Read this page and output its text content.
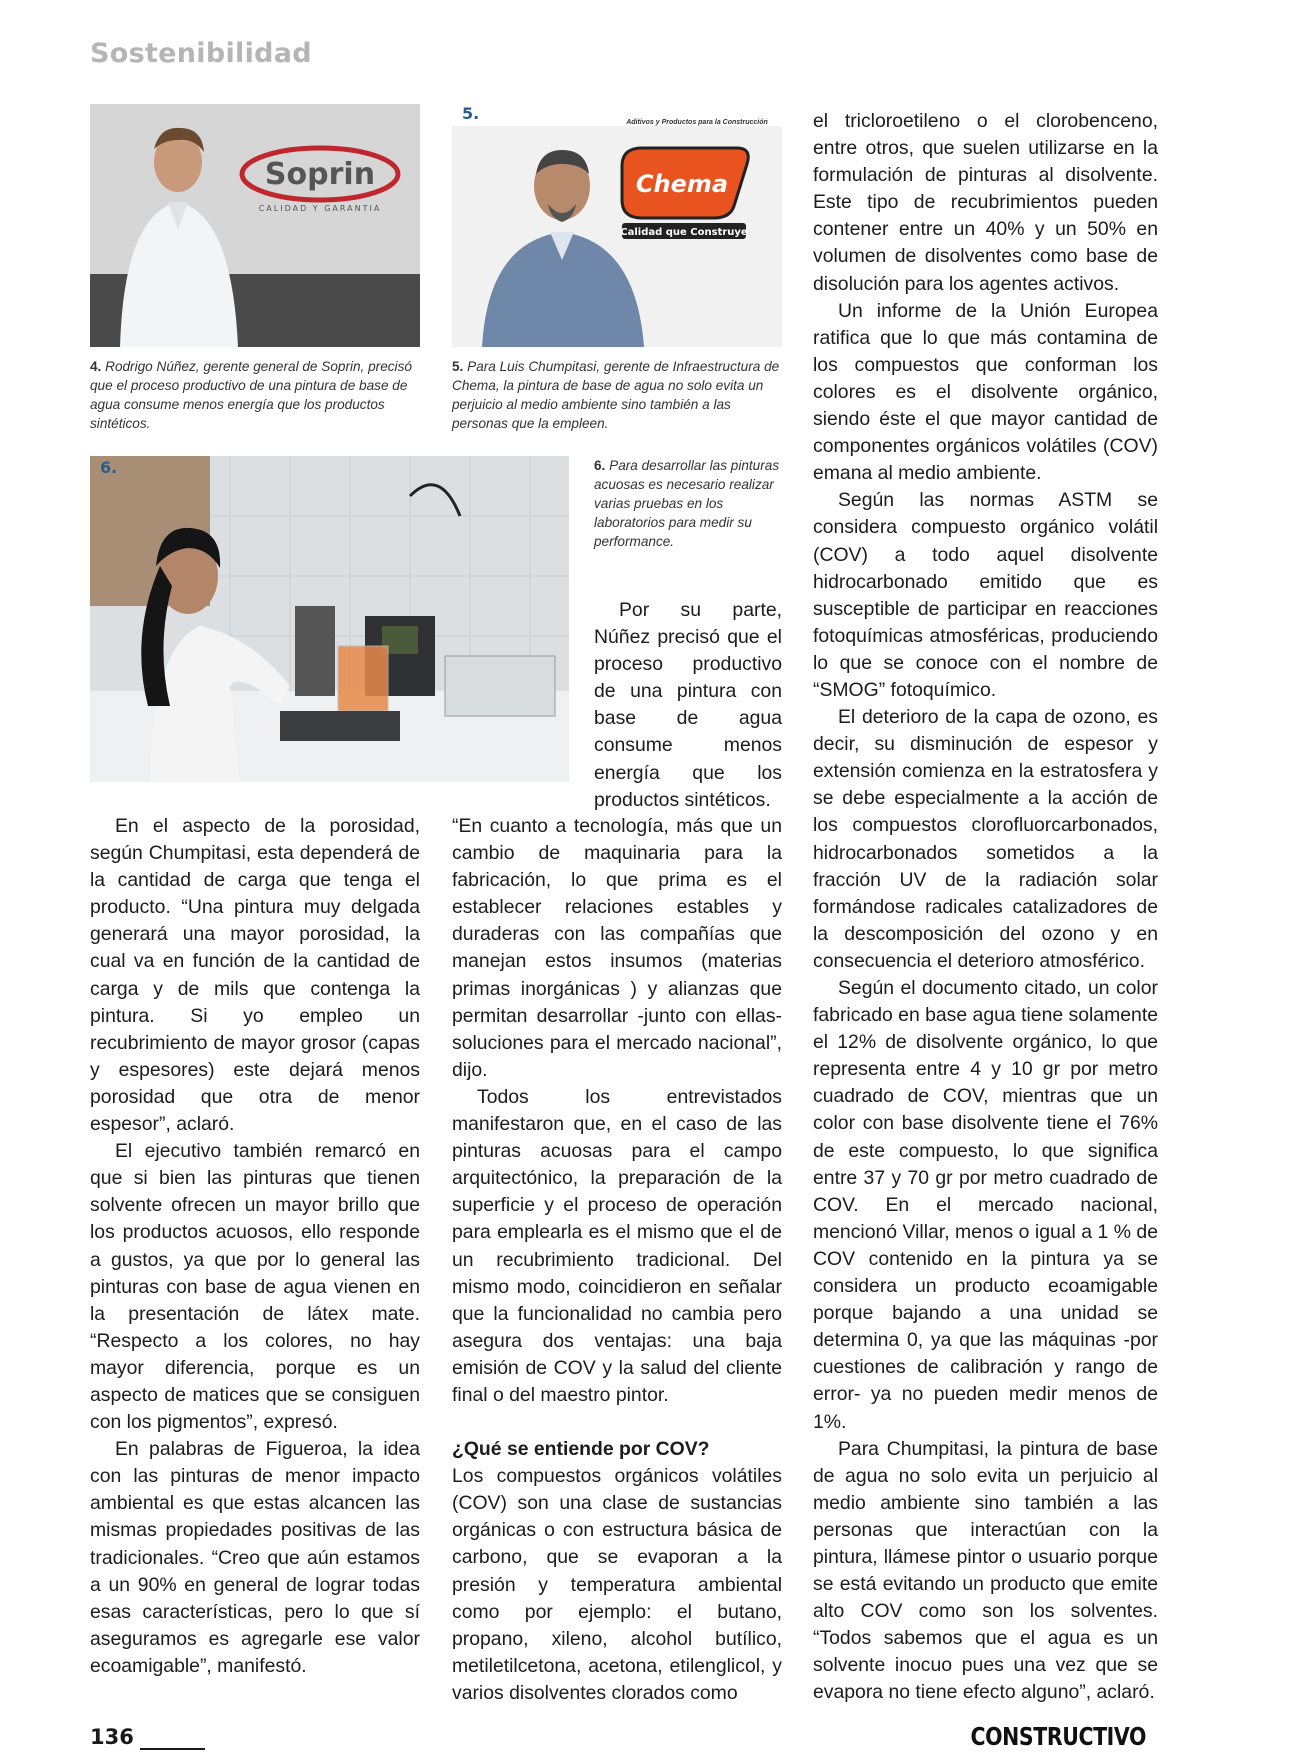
Sostenibilidad
Soprin
CALIDAD Y GARANTIA
4. Rodrigo Núñez, gerente general de Soprin, precisó que el proceso productivo de una pintura de base de agua consume menos energía que los productos sintéticos.
5.	Aditivos y Productos para la Construcción
Chema
Calidad que Construye
5. Para Luis Chumpitasi, gerente de Infraestructura de Chema, la pintura de base de agua no solo evita un perjuicio al medio ambiente sino también a las personas que la empleen.
6.	6. Para desarrollar las pinturas acuosas es necesario realizar varias pruebas en los laboratorios para medir su performance.
Por su parte, Núñez precisó que el proceso productivo de una pintura con base de agua consume menos energía que los productos sintéticos.

En el aspecto de la porosidad, según Chumpitasi, esta dependerá de la cantidad de carga que tenga el producto. “Una pintura muy delgada generará una mayor porosidad, la cual va en función de la cantidad de carga y de mils que contenga la pintura. Si yo empleo un recubrimiento de mayor grosor (capas y espesores) este dejará menos porosidad que otra de menor espesor”, aclaró.

El ejecutivo también remarcó en que si bien las pinturas que tienen solvente ofrecen un mayor brillo que los productos acuosos, ello responde a gustos, ya que por lo general las pinturas con base de agua vienen en la presentación de látex mate. “Respecto a los colores, no hay mayor diferencia, porque es un aspecto de matices que se consiguen con los pigmentos”, expresó.

En palabras de Figueroa, la idea con las pinturas de menor impacto ambiental es que estas alcancen las mismas propiedades positivas de las tradicionales. “Creo que aún estamos a un 90% en general de lograr todas esas características, pero lo que sí aseguramos es agregarle ese valor ecoamigable”, manifestó.

“En cuanto a tecnología, más que un cambio de maquinaria para la fabricación, lo que prima es el establecer relaciones estables y duraderas con las compañías que manejan estos insumos (materias primas inorgánicas ) y alianzas que permitan desarrollar -junto con ellas- soluciones para el mercado nacional”, dijo.

Todos los entrevistados manifestaron que, en el caso de las pinturas acuosas para el campo arquitectónico, la preparación de la superficie y el proceso de operación para emplearla es el mismo que el de un recubrimiento tradicional. Del mismo modo, coincidieron en señalar que la funcionalidad no cambia pero asegura dos ventajas: una baja emisión de COV y la salud del cliente final o del maestro pintor.

¿Qué se entiende por COV?

Los compuestos orgánicos volátiles (COV) son una clase de sustancias orgánicas o con estructura básica de carbono, que se evaporan a la presión y temperatura ambiental como por ejemplo: el butano, propano, xileno, alcohol butílico, metiletilcetona, acetona, etilenglicol, y varios disolventes clorados como

el tricloroetileno o el clorobenceno, entre otros, que suelen utilizarse en la formulación de pinturas al disolvente. Este tipo de recubrimientos pueden contener entre un 40% y un 50% en volumen de disolventes como base de disolución para los agentes activos.

Un informe de la Unión Europea ratifica que lo que más contamina de los compuestos que conforman los colores es el disolvente orgánico, siendo éste el que mayor cantidad de componentes orgánicos volátiles (COV) emana al medio ambiente.

Según las normas ASTM se considera compuesto orgánico volátil (COV) a todo aquel disolvente hidrocarbonado emitido que es susceptible de participar en reacciones fotoquímicas atmosféricas, produciendo lo que se conoce con el nombre de “SMOG” fotoquímico.

El deterioro de la capa de ozono, es decir, su disminución de espesor y extensión comienza en la estratosfera y se debe especialmente a la acción de los compuestos clorofluorcarbonados, hidrocarbonados sometidos a la fracción UV de la radiación solar formándose radicales catalizadores de la descomposición del ozono y en consecuencia el deterioro atmosférico.

Según el documento citado, un color fabricado en base agua tiene solamente el 12% de disolvente orgánico, lo que representa entre 4 y 10 gr por metro cuadrado de COV, mientras que un color con base disolvente tiene el 76% de este compuesto, lo que significa entre 37 y 70 gr por metro cuadrado de COV. En el mercado nacional, mencionó Villar, menos o igual a 1 % de COV contenido en la pintura ya se considera un producto ecoamigable porque bajando a una unidad se determina 0, ya que las máquinas -por cuestiones de calibración y rango de error- ya no pueden medir menos de 1%.

Para Chumpitasi, la pintura de base de agua no solo evita un perjuicio al medio ambiente sino también a las personas que interactúan con la pintura, llámese pintor o usuario porque se está evitando un producto que emite alto COV como son los solventes. “Todos sabemos que el agua es un solvente inocuo pues una vez que se evapora no tiene efecto alguno”, aclaró.

136	CONSTRUCTIVO
